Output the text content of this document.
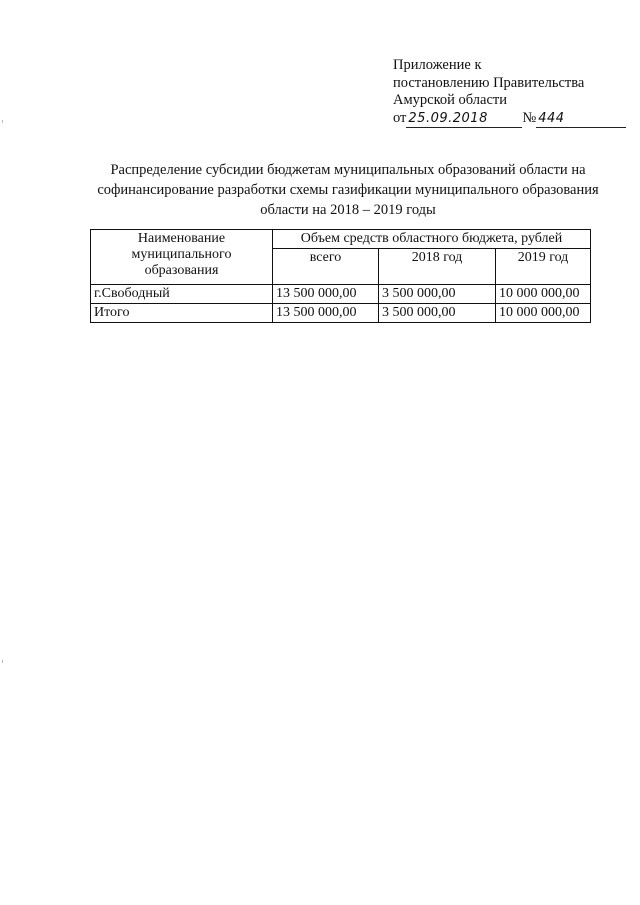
Приложение к
постановлению Правительства
Амурской области
от 25.09.2018 № 444
Распределение субсидии бюджетам муниципальных образований области на софинансирование разработки схемы газификации муниципального образования области на 2018 – 2019 годы
Наименование муниципального образования	Объем средств областного бюджета, рублей		
	всего	2018 год	2019 год
г.Свободный	13 500 000,00	3 500 000,00	10 000 000,00
Итого	13 500 000,00	3 500 000,00	10 000 000,00
